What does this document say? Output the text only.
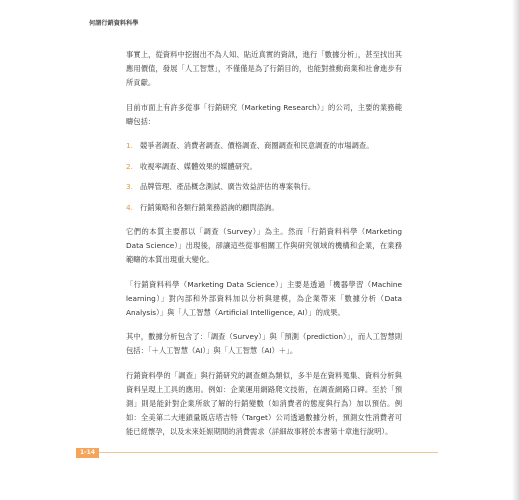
何謂行銷資料科學

事實上，從資料中挖掘出不為人知、貼近真實的資訊，進行「數據分析」，甚至找出其應用價值，發展「人工智慧」，不僅僅是為了行銷目的，也能對推動商業和社會進步有所貢獻。

目前市面上有許多從事「行銷研究（Marketing Research）」的公司，主要的業務範疇包括：

1. 競爭者調查、消費者調查、價格調查、商圈調查和民意調查的市場調查。
2. 收視率調查、媒體效果的媒體研究。
3. 品牌管理、產品概念測試、廣告效益評估的專案執行。
4. 行銷策略和各類行銷業務諮詢的顧問諮詢。

它們的本質主要都以「調查（Survey）」為主。然而「行銷資料科學（Marketing Data Science）」出現後，卻讓這些從事相關工作與研究領域的機構和企業，在業務範疇的本質出現重大變化。

「行銷資料科學（Marketing Data Science）」主要是透過「機器學習（Machine learning）」對內部和外部資料加以分析與建模，為企業帶來「數據分析（Data Analysis）」與「人工智慧（Artificial Intelligence, AI）」的成果。

其中，數據分析包含了：「調查（Survey）」與「預測（prediction）」，而人工智慧則包括：「＋人工智慧（AI）」與「人工智慧（AI）＋」。

行銷資料學的「調查」與行銷研究的調查頗為類似，多半是在資料蒐集、資料分析與資料呈現上工具的應用。例如：企業運用網路爬文技術，在調查網路口碑。至於「預測」則是能針對企業所欲了解的行銷變數（如消費者的態度與行為）加以預估。例如：全美第二大連鎖量販店塔吉特（Target）公司透過數據分析，預測女性消費者可能已經懷孕，以及未來妊娠期間的消費需求（詳細故事將於本書第十章進行說明）。

1-14
